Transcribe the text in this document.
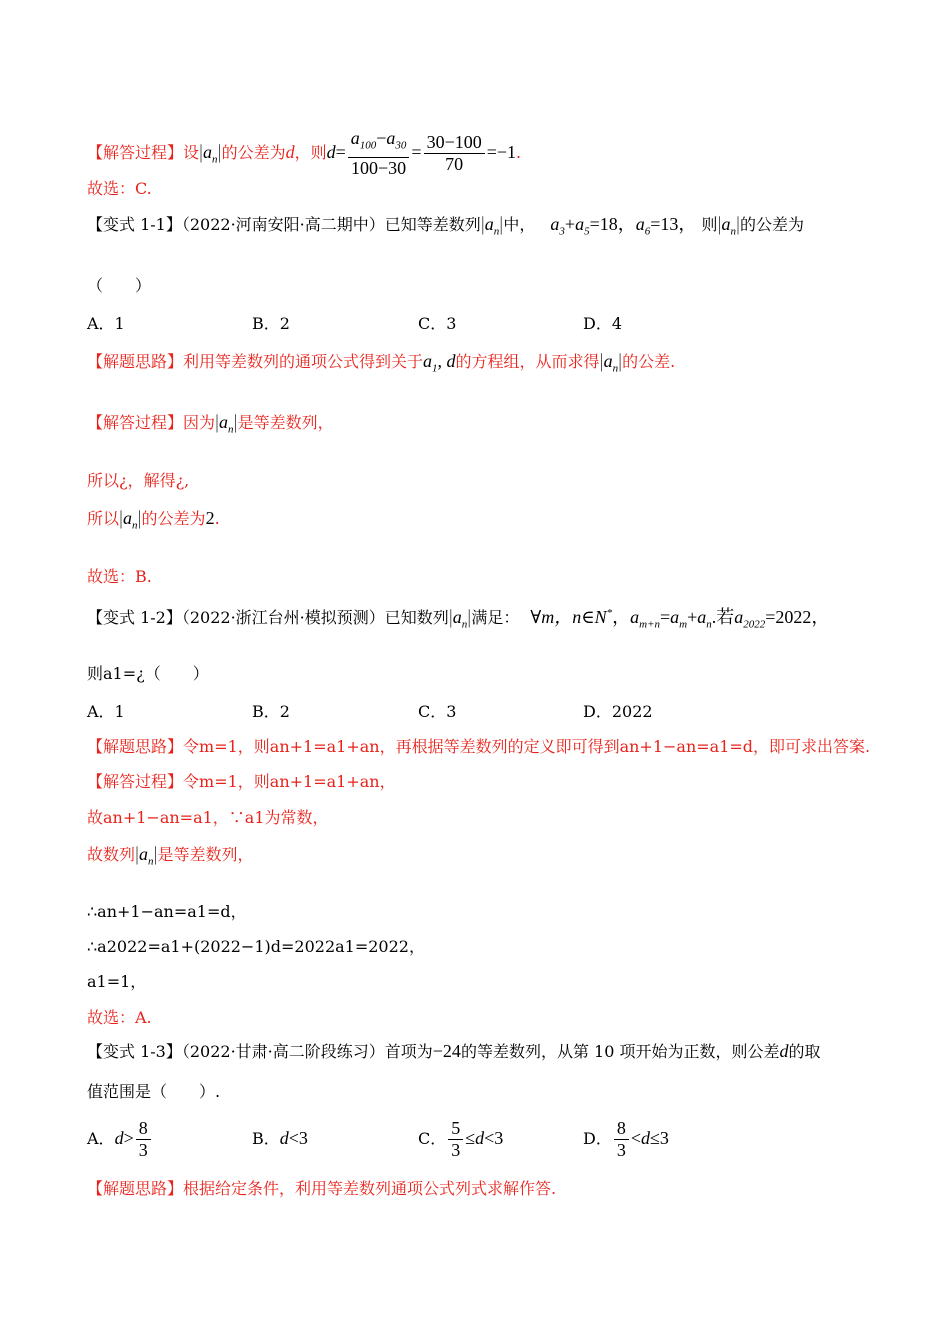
【解答过程】设$|a_n|$的公差为d，则$d= \frac{a_{100}-a_{30}}{100-30} = \frac{30-100}{70} =-1$.
故选：C.
【变式 1-1】（2022·河南安阳·高二期中）已知等差数列$|a_n|$中， $a_3+a_5=18$，$a_6=13$， 则$|a_n|$的公差为
（　　）
A．1	B．2	C．3	D．4
【解题思路】利用等差数列的通项公式得到关于$a_1$, d的方程组，从而求得$|a_n|$的公差.
【解答过程】因为$|a_n|$是等差数列，
所以¿，解得¿,
所以$|a_n|$的公差为2.
故选：B.
【变式 1-2】（2022·浙江台州·模拟预测）已知数列$|a_n|$满足： ∀m，n∈N*，$a_{m+n}=a_m+a_n$.若$a_{2022}=2022$，
则a1=¿（　　）
A．1	B．2	C．3	D．2022
【解题思路】令m=1，则an+1=a1+an，再根据等差数列的定义即可得到an+1−an=a1=d，即可求出答案.
【解答过程】令m=1，则an+1=a1+an，
故an+1−an=a1，∵a1为常数，
故数列$|a_n|$是等差数列，
∴an+1−an=a1=d，
∴a2022=a1+(2022−1)d=2022a1=2022，
a1=1，
故选：A.
【变式 1-3】（2022·甘肃·高二阶段练习）首项为−24的等差数列，从第 10 项开始为正数，则公差d的取
值范围是（　　）.
A．$d> \frac{8}{3}$	B．d<3	C． $\frac{5}{3} \le d<3$	D． $\frac{8}{3} <d\le 3$
【解题思路】根据给定条件，利用等差数列通项公式列式求解作答.
